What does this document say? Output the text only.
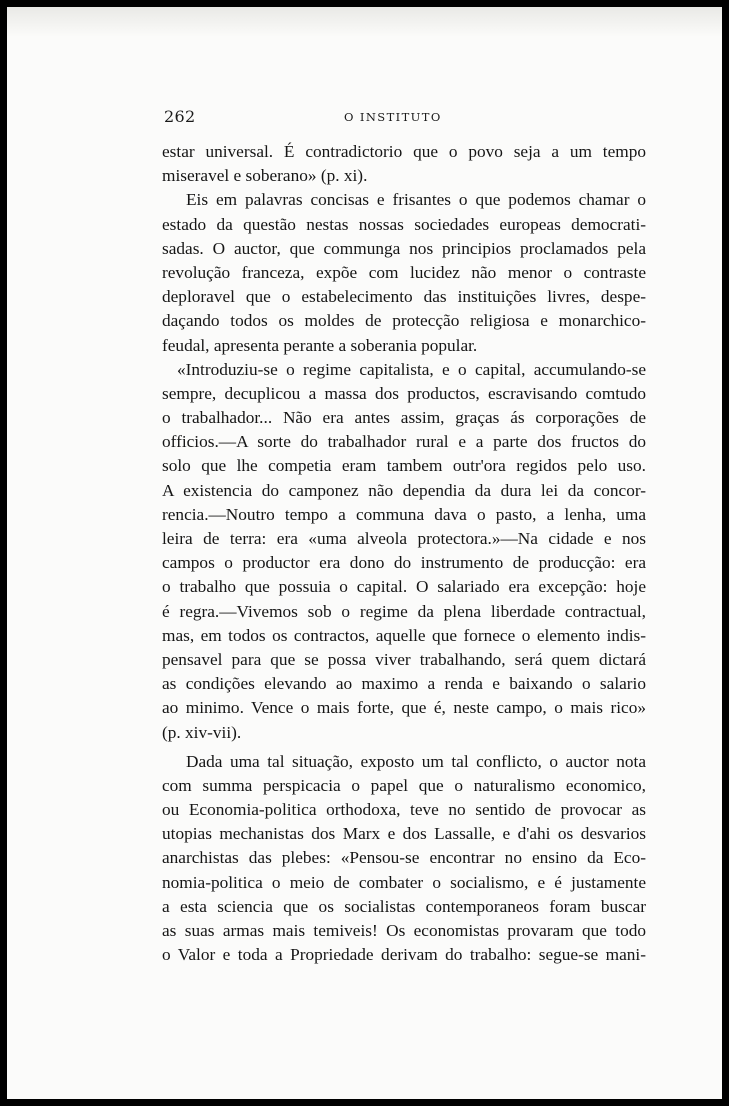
262	O INSTITUTO
estar universal. É contradictorio que o povo seja a um tempo
miseravel e soberano» (p. xi).
Eis em palavras concisas e frisantes o que podemos chamar o
estado da questão nestas nossas sociedades europeas democrati-
sadas. O auctor, que communga nos principios proclamados pela
revolução franceza, expõe com lucidez não menor o contraste
deploravel que o estabelecimento das instituições livres, despe-
daçando todos os moldes de protecção religiosa e monarchico-
feudal, apresenta perante a soberania popular.
«Introduziu-se o regime capitalista, e o capital, accumulando-se
sempre, decuplicou a massa dos productos, escravisando comtudo
o trabalhador... Não era antes assim, graças ás corporações de
officios.—A sorte do trabalhador rural e a parte dos fructos do
solo que lhe competia eram tambem outr'ora regidos pelo uso.
A existencia do camponez não dependia da dura lei da concor-
rencia.—Noutro tempo a communa dava o pasto, a lenha, uma
leira de terra: era «uma alveola protectora.»—Na cidade e nos
campos o productor era dono do instrumento de producção: era
o trabalho que possuia o capital. O salariado era excepção: hoje
é regra.—Vivemos sob o regime da plena liberdade contractual,
mas, em todos os contractos, aquelle que fornece o elemento indis-
pensavel para que se possa viver trabalhando, será quem dictará
as condições elevando ao maximo a renda e baixando o salario
ao minimo. Vence o mais forte, que é, neste campo, o mais rico»
(p. xiv-vii).
Dada uma tal situação, exposto um tal conflicto, o auctor nota
com summa perspicacia o papel que o naturalismo economico,
ou Economia-politica orthodoxa, teve no sentido de provocar as
utopias mechanistas dos Marx e dos Lassalle, e d'ahi os desvarios
anarchistas das plebes: «Pensou-se encontrar no ensino da Eco-
nomia-politica o meio de combater o socialismo, e é justamente
a esta sciencia que os socialistas contemporaneos foram buscar
as suas armas mais temiveis! Os economistas provaram que todo
o Valor e toda a Propriedade derivam do trabalho: segue-se mani-
